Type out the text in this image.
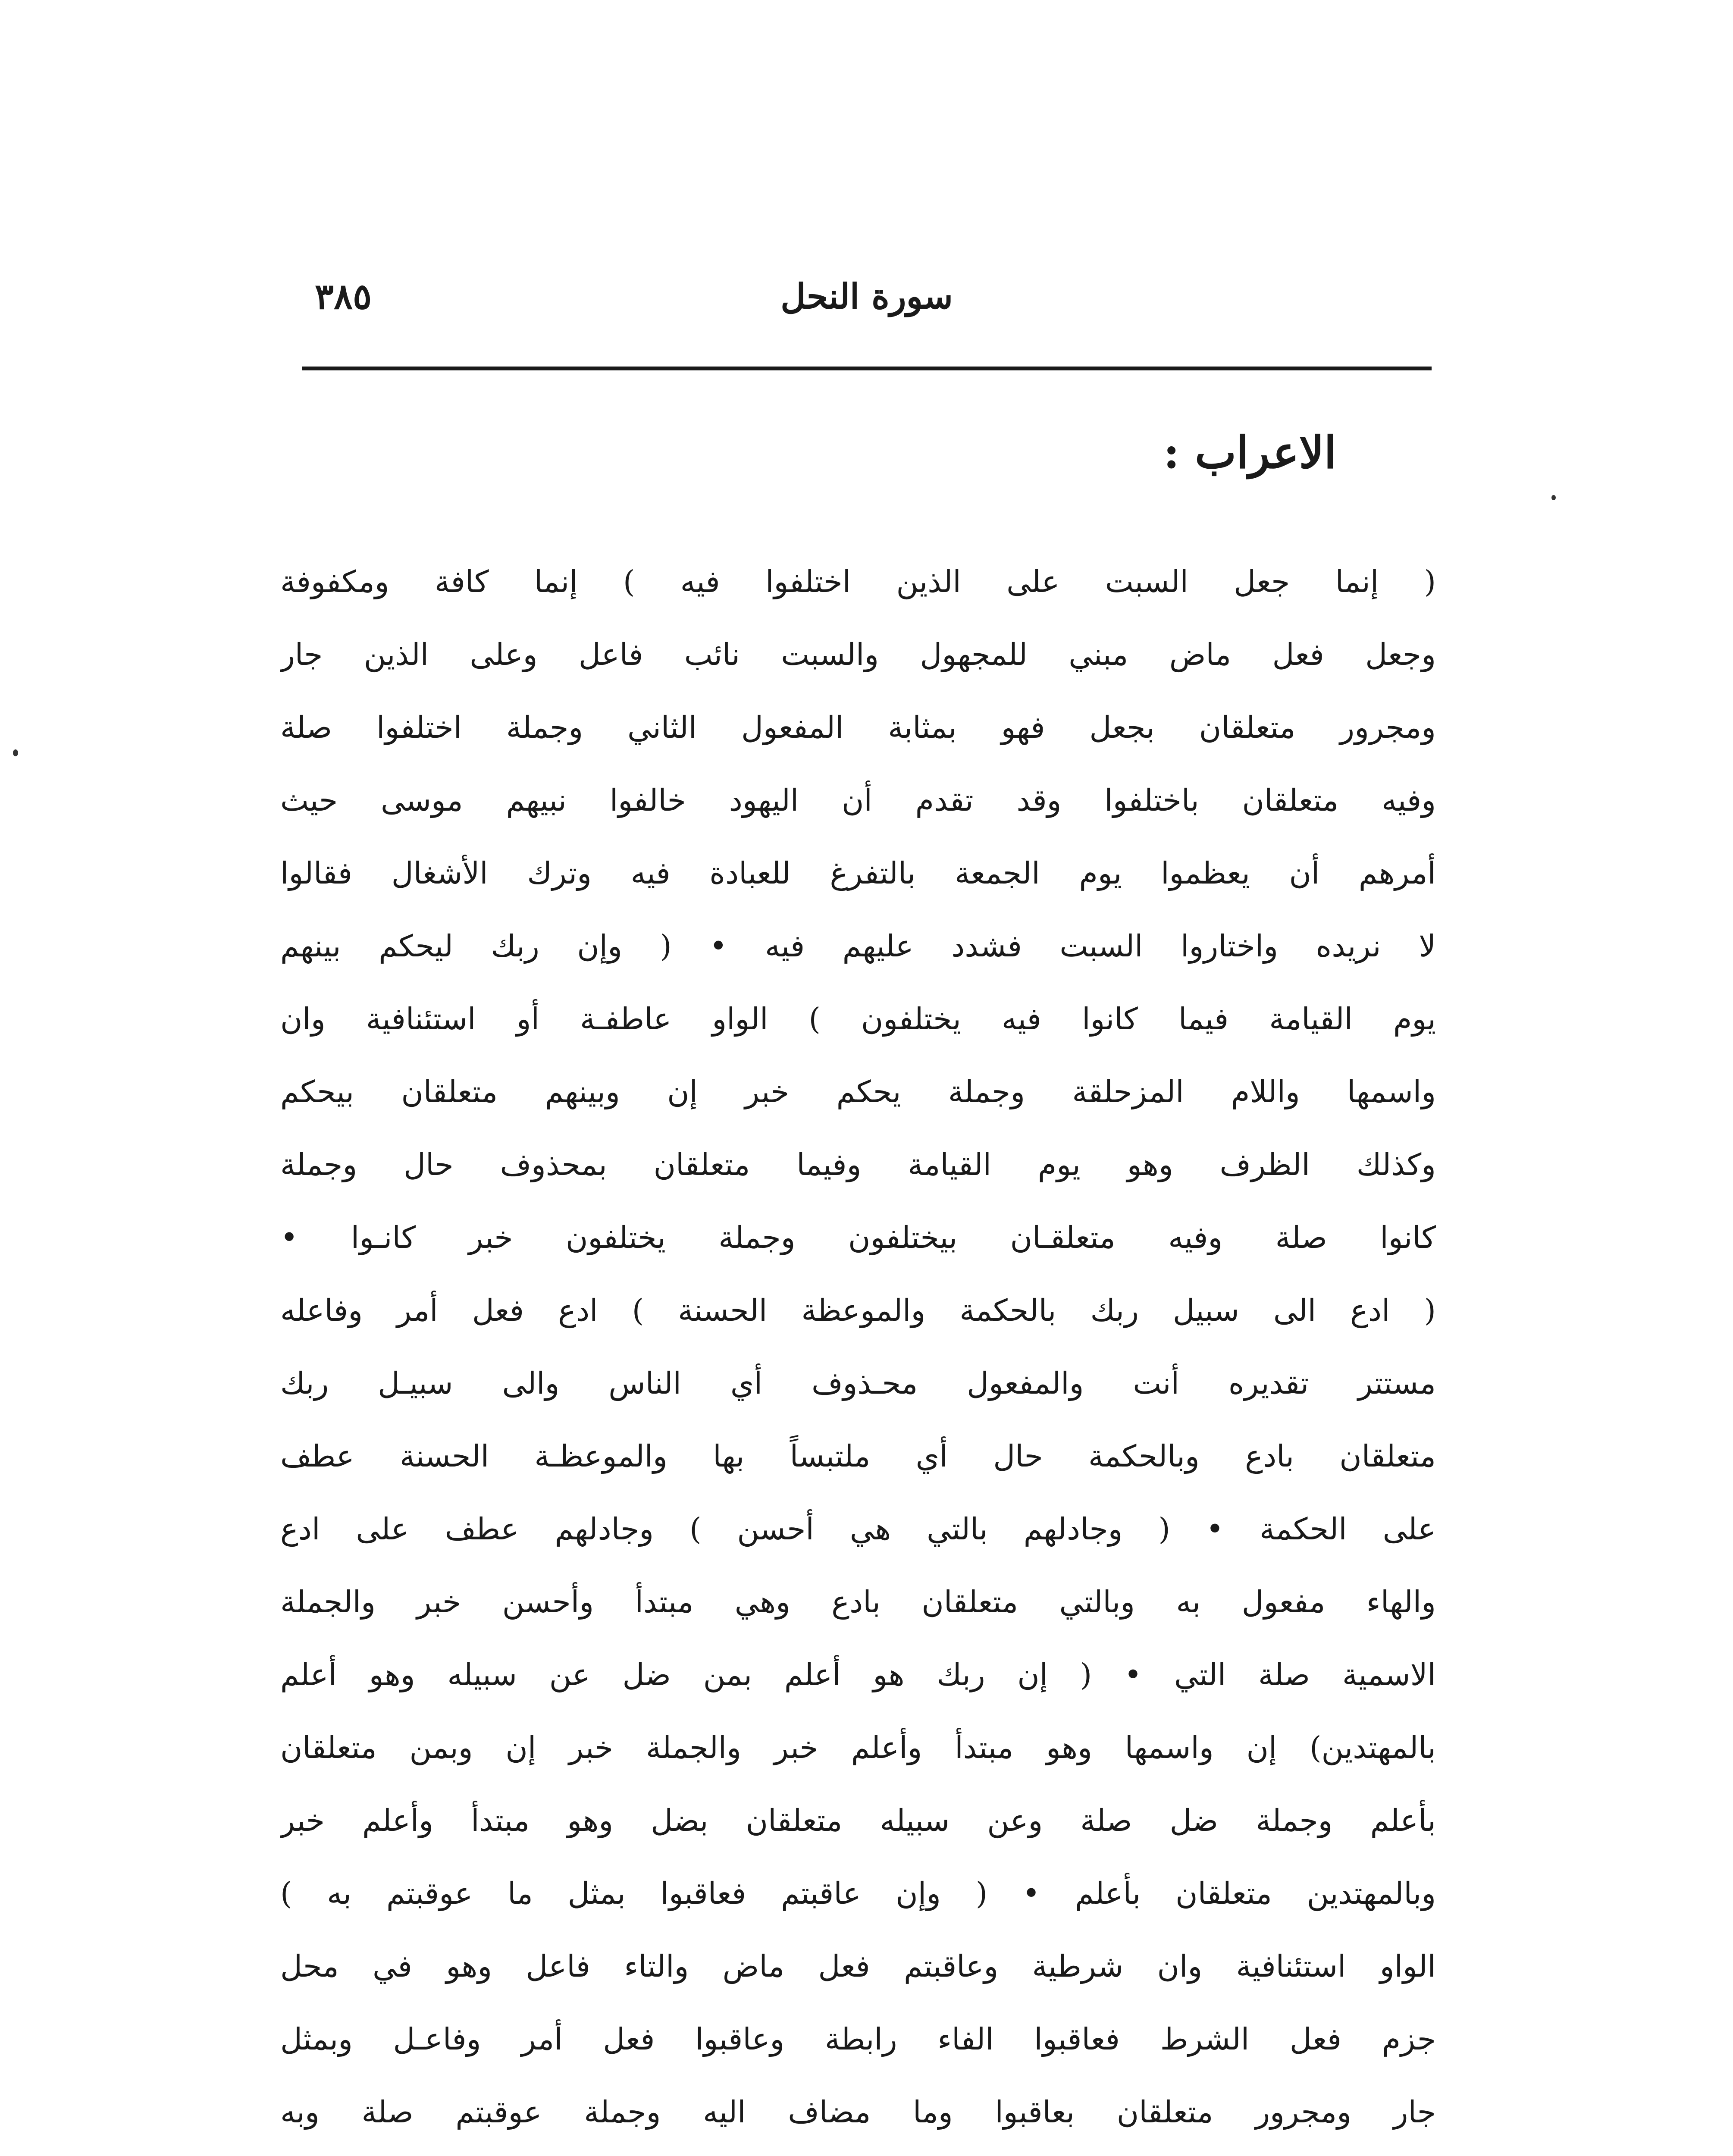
٣٨٥	سورة النحل
الاعراب :
( إنما جعل السبت على الذين اختلفوا فيه ) إنما كافة ومكفوفة
وجعل فعل ماض مبني للمجهول والسبت نائب فاعل وعلى الذين جار
ومجرور متعلقان بجعل فهو بمثابة المفعول الثاني وجملة اختلفوا صلة
وفيه متعلقان باختلفوا وقد تقدم أن اليهود خالفوا نبيهم موسى حيث
أمرهم أن يعظموا يوم الجمعة بالتفرغ للعبادة فيه وترك الأشغال فقالوا
لا نريده واختاروا السبت فشدد عليهم فيه • ( وإن ربك ليحكم بينهم
يوم القيامة فيما كانوا فيه يختلفون ) الواو عاطفـة أو استئنافية وان
واسمها واللام المزحلقة وجملة يحكم خبر إن وبينهم متعلقان بيحكم
وكذلك الظرف وهو يوم القيامة وفيما متعلقان بمحذوف حال وجملة
كانوا صلة وفيه متعلقـان بيختلفون وجملة يختلفون خبر كانـوا •
( ادع الى سبيل ربك بالحكمة والموعظة الحسنة ) ادع فعل أمر وفاعله
مستتر تقديره أنت والمفعول محـذوف أي الناس والى سبيـل ربك
متعلقان بادع وبالحكمة حال أي ملتبساً بها والموعظـة الحسنة عطف
على الحكمة • ( وجادلهم بالتي هي أحسن ) وجادلهم عطف على ادع
والهاء مفعول به وبالتي متعلقان بادع وهي مبتدأ وأحسن خبر والجملة
الاسمية صلة التي • ( إن ربك هو أعلم بمن ضل عن سبيله وهو أعلم
بالمهتدين) إن واسمها وهو مبتدأ وأعلم خبر والجملة خبر إن وبمن متعلقان
بأعلم وجملة ضل صلة وعن سبيله متعلقان بضل وهو مبتدأ وأعلم خبر
وبالمهتدين متعلقان بأعلم • ( وإن عاقبتم فعاقبوا بمثل ما عوقبتم به )
الواو استئنافية وان شرطية وعاقبتم فعل ماض والتاء فاعل وهو في محل
جزم فعل الشرط فعاقبوا الفاء رابطة وعاقبوا فعل أمر وفاعـل وبمثل
جار ومجرور متعلقان بعاقبوا وما مضاف اليه وجملة عوقبتم صلة وبه
